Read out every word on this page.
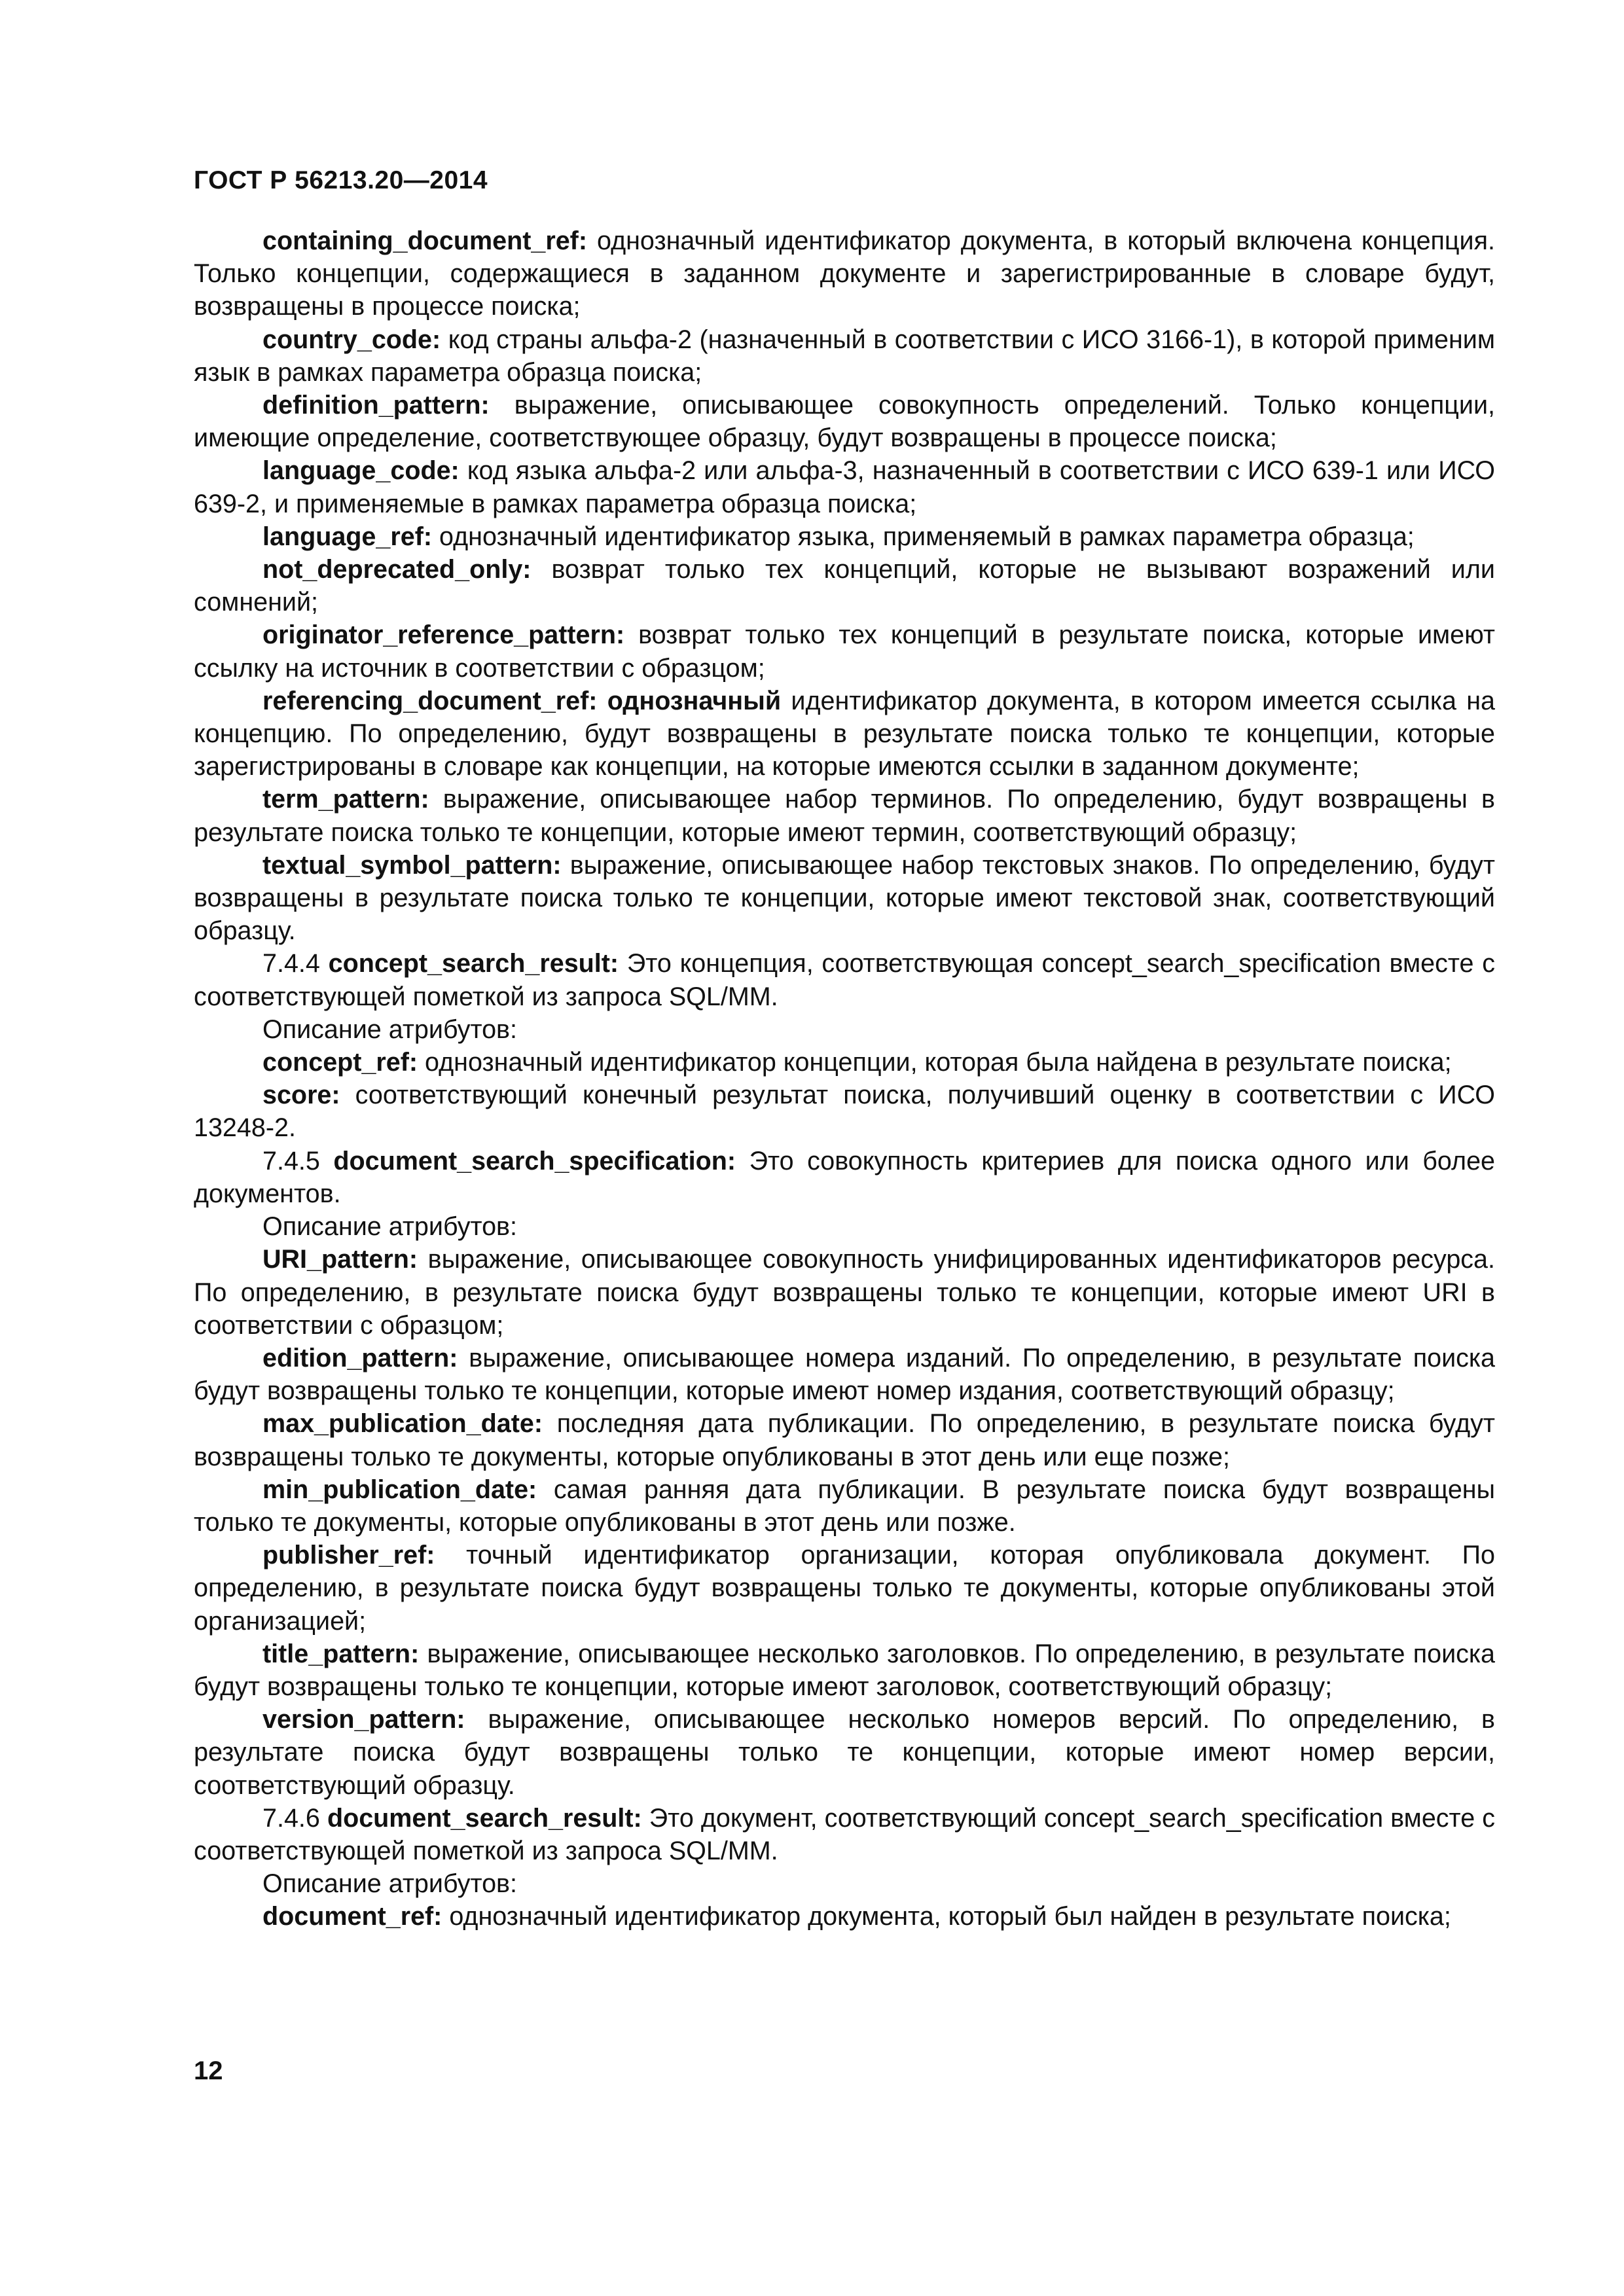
ГОСТ Р 56213.20—2014

containing_document_ref: однозначный идентификатор документа, в который включена концепция. Только концепции, содержащиеся в заданном документе и зарегистрированные в словаре будут, возвращены в процессе поиска;

country_code: код страны альфа-2 (назначенный в соответствии с ИСО 3166-1), в которой применим язык в рамках параметра образца поиска;

definition_pattern: выражение, описывающее совокупность определений. Только концепции, имеющие определение, соответствующее образцу, будут возвращены в процессе поиска;

language_code: код языка альфа-2 или альфа-3, назначенный в соответствии с ИСО 639-1 или ИСО 639-2, и применяемые в рамках параметра образца поиска;

language_ref: однозначный идентификатор языка, применяемый в рамках параметра образца;

not_deprecated_only: возврат только тех концепций, которые не вызывают возражений или сомнений;

originator_reference_pattern: возврат только тех концепций в результате поиска, которые имеют ссылку на источник в соответствии с образцом;

referencing_document_ref: однозначный идентификатор документа, в котором имеется ссылка на концепцию. По определению, будут возвращены в результате поиска только те концепции, которые зарегистрированы в словаре как концепции, на которые имеются ссылки в заданном документе;

term_pattern: выражение, описывающее набор терминов. По определению, будут возвращены в результате поиска только те концепции, которые имеют термин, соответствующий образцу;

textual_symbol_pattern: выражение, описывающее набор текстовых знаков. По определению, будут возвращены в результате поиска только те концепции, которые имеют текстовой знак, соответствующий образцу.

7.4.4 concept_search_result: Это концепция, соответствующая concept_search_specification вместе с соответствующей пометкой из запроса SQL/MM.

Описание атрибутов:

concept_ref: однозначный идентификатор концепции, которая была найдена в результате поиска;

score: соответствующий конечный результат поиска, получивший оценку в соответствии с ИСО 13248-2.

7.4.5 document_search_specification: Это совокупность критериев для поиска одного или более документов.

Описание атрибутов:

URI_pattern: выражение, описывающее совокупность унифицированных идентификаторов ресурса. По определению, в результате поиска будут возвращены только те концепции, которые имеют URI в соответствии с образцом;

edition_pattern: выражение, описывающее номера изданий. По определению, в результате поиска будут возвращены только те концепции, которые имеют номер издания, соответствующий образцу;

max_publication_date: последняя дата публикации. По определению, в результате поиска будут возвращены только те документы, которые опубликованы в этот день или еще позже;

min_publication_date: самая ранняя дата публикации. В результате поиска будут возвращены только те документы, которые опубликованы в этот день или позже.

publisher_ref: точный идентификатор организации, которая опубликовала документ. По определению, в результате поиска будут возвращены только те документы, которые опубликованы этой организацией;

title_pattern: выражение, описывающее несколько заголовков. По определению, в результате поиска будут возвращены только те концепции, которые имеют заголовок, соответствующий образцу;

version_pattern: выражение, описывающее несколько номеров версий. По определению, в результате поиска будут возвращены только те концепции, которые имеют номер версии, соответствующий образцу.

7.4.6 document_search_result: Это документ, соответствующий concept_search_specification вместе с соответствующей пометкой из запроса SQL/MM.

Описание атрибутов:

document_ref: однозначный идентификатор документа, который был найден в результате поиска;

12
